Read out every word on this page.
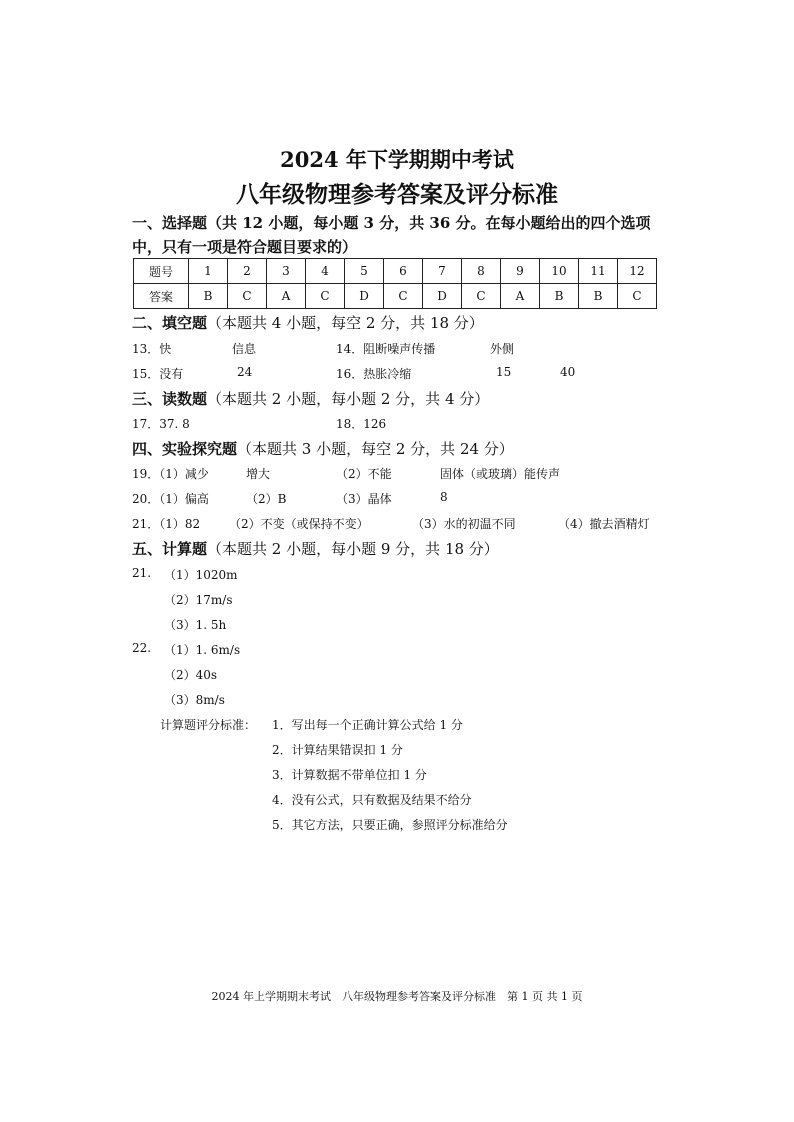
2024 年下学期期中考试
八年级物理参考答案及评分标准
一、选择题（共 12 小题，每小题 3 分，共 36 分。在每小题给出的四个选项
中，只有一项是符合题目要求的）
题号	1	2	3	4	5	6	7	8	9	10	11	12
答案	B	C	A	C	D	C	D	C	A	B	B	C
二、填空题（本题共 4 小题，每空 2 分，共 18 分）
13．快	信息	14．阻断噪声传播	外侧
15．没有	24	16．热胀冷缩	15	40
三、读数题（本题共 2 小题，每小题 2 分，共 4 分）
17．37. 8	18．126
四、实验探究题（本题共 3 小题，每空 2 分，共 24 分）
19．（1）减少	增大	（2）不能	固体（或玻璃）能传声
20．（1）偏高	（2）B	（3）晶体	8
21．（1）82 （2）不变（或保持不变）	（3）水的初温不同	（4）撤去酒精灯
五、计算题（本题共 2 小题，每小题 9 分，共 18 分）
21. （1）1020m
（2）17m/s
（3）1. 5h
22. （1）1. 6m/s
（2）40s
（3）8m/s
计算题评分标准： 1．写出每一个正确计算公式给 1 分
2．计算结果错误扣 1 分
3．计算数据不带单位扣 1 分
4．没有公式，只有数据及结果不给分
5．其它方法，只要正确，参照评分标准给分
2024 年上学期期末考试　八年级物理参考答案及评分标准　第 1 页 共 1 页
